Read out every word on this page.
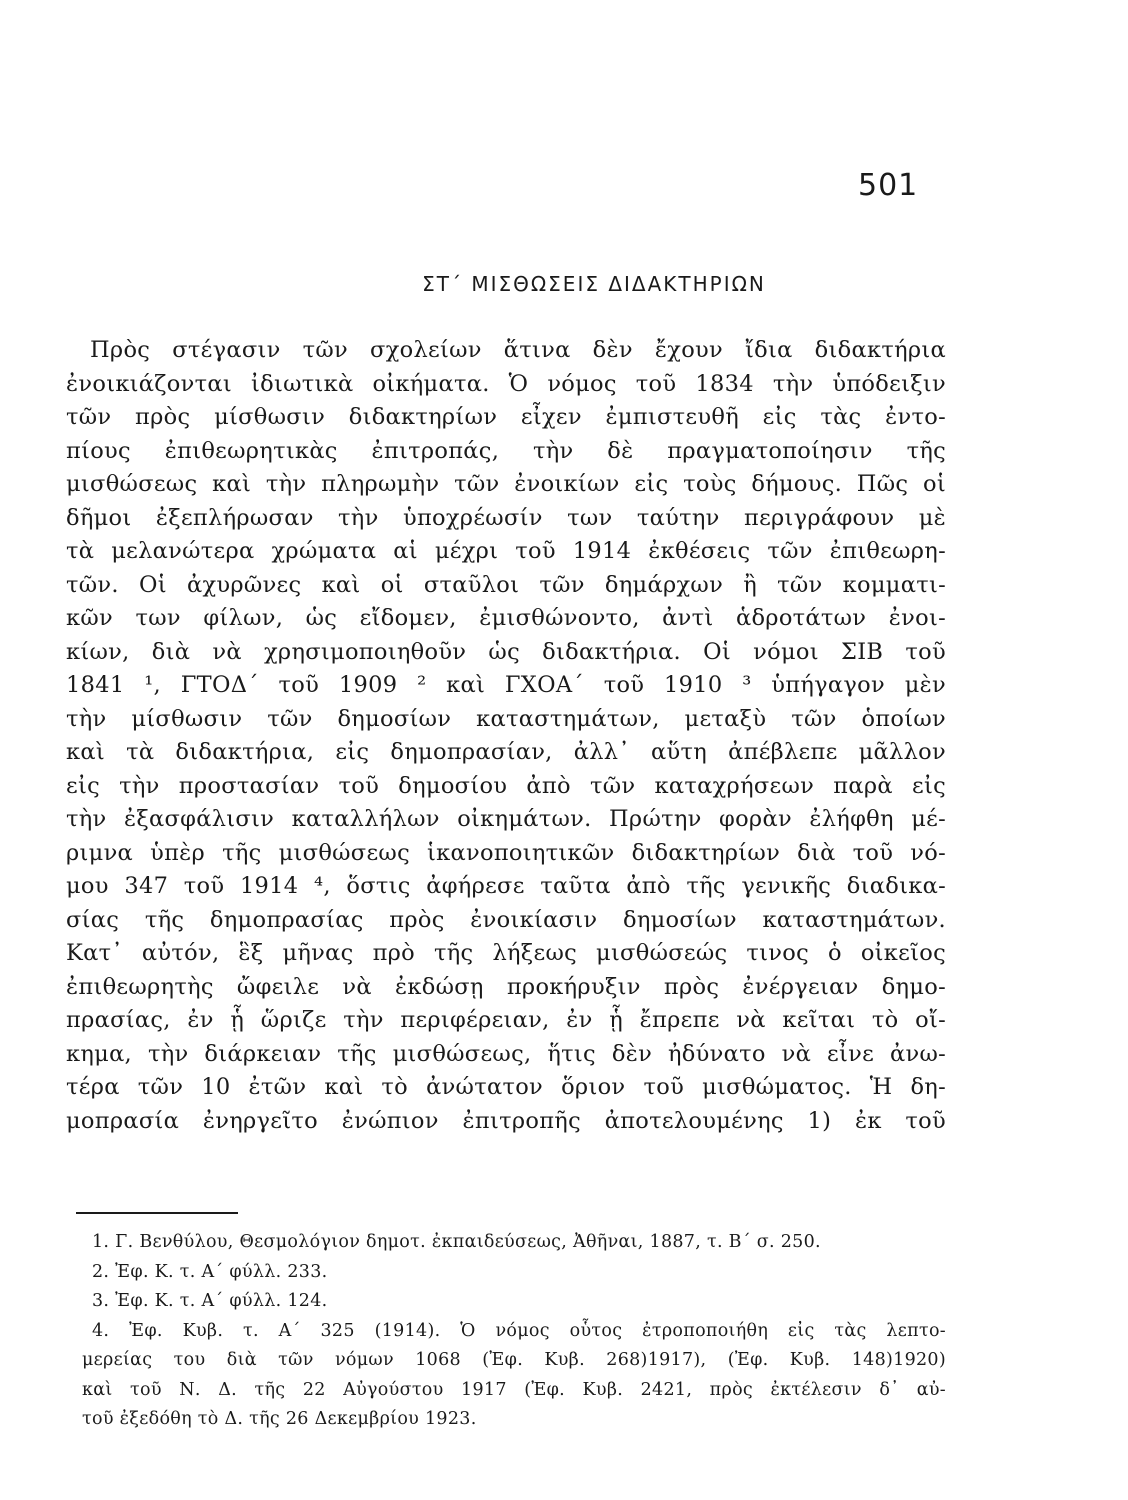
501
ΣΤ΄ ΜΙΣΘΩΣΕΙΣ ΔΙΔΑΚΤΗΡΙΩΝ
Πρὸς στέγασιν τῶν σχολείων ἅτινα δὲν ἔχουν ἴδια διδακτήρια
ἐνοικιάζονται ἰδιωτικὰ οἰκήματα. Ὁ νόμος τοῦ 1834 τὴν ὑπόδειξιν
τῶν πρὸς μίσθωσιν διδακτηρίων εἶχεν ἐμπιστευθῆ εἰς τὰς ἐντο-
πίους ἐπιθεωρητικὰς ἐπιτροπάς, τὴν δὲ πραγματοποίησιν τῆς
μισθώσεως καὶ τὴν πληρωμὴν τῶν ἐνοικίων εἰς τοὺς δήμους. Πῶς οἱ
δῆμοι ἐξεπλήρωσαν τὴν ὑποχρέωσίν των ταύτην περιγράφουν μὲ
τὰ μελανώτερα χρώματα αἱ μέχρι τοῦ 1914 ἐκθέσεις τῶν ἐπιθεωρη-
τῶν. Οἱ ἀχυρῶνες καὶ οἱ σταῦλοι τῶν δημάρχων ἢ τῶν κομματι-
κῶν των φίλων, ὡς εἴδομεν, ἐμισθώνοντο, ἀντὶ ἁδροτάτων ἐνοι-
κίων, διὰ νὰ χρησιμοποιηθοῦν ὡς διδακτήρια. Οἱ νόμοι ΣΙΒ τοῦ
1841 ¹, ΓΤΟΔ΄ τοῦ 1909 ² καὶ ΓΧΟΑ΄ τοῦ 1910 ³ ὑπήγαγον μὲν
τὴν μίσθωσιν τῶν δημοσίων καταστημάτων, μεταξὺ τῶν ὁποίων
καὶ τὰ διδακτήρια, εἰς δημοπρασίαν, ἀλλ᾽ αὕτη ἀπέβλεπε μᾶλλον
εἰς τὴν προστασίαν τοῦ δημοσίου ἀπὸ τῶν καταχρήσεων παρὰ εἰς
τὴν ἐξασφάλισιν καταλλήλων οἰκημάτων. Πρώτην φορὰν ἐλήφθη μέ-
ριμνα ὑπὲρ τῆς μισθώσεως ἱκανοποιητικῶν διδακτηρίων διὰ τοῦ νό-
μου 347 τοῦ 1914 ⁴, ὅστις ἀφήρεσε ταῦτα ἀπὸ τῆς γενικῆς διαδικα-
σίας τῆς δημοπρασίας πρὸς ἐνοικίασιν δημοσίων καταστημάτων.
Κατ᾽ αὐτόν, ἓξ μῆνας πρὸ τῆς λήξεως μισθώσεώς τινος ὁ οἰκεῖος
ἐπιθεωρητὴς ὤφειλε νὰ ἐκδώσῃ προκήρυξιν πρὸς ἐνέργειαν δημο-
πρασίας, ἐν ᾗ ὥριζε τὴν περιφέρειαν, ἐν ᾗ ἔπρεπε νὰ κεῖται τὸ οἴ-
κημα, τὴν διάρκειαν τῆς μισθώσεως, ἥτις δὲν ἠδύνατο νὰ εἶνε ἀνω-
τέρα τῶν 10 ἐτῶν καὶ τὸ ἀνώτατον ὅριον τοῦ μισθώματος. Ἡ δη-
μοπρασία ἐνηργεῖτο ἐνώπιον ἐπιτροπῆς ἀποτελουμένης 1) ἐκ τοῦ
1. Γ. Βενθύλου, Θεσμολόγιον δημοτ. ἐκπαιδεύσεως, Ἀθῆναι, 1887, τ. Β΄ σ. 250.
2. Ἐφ. Κ. τ. Α΄ φύλλ. 233.
3. Ἐφ. Κ. τ. Α΄ φύλλ. 124.
4. Ἐφ. Κυβ. τ. Α΄ 325 (1914). Ὁ νόμος οὗτος ἐτροποποιήθη εἰς τὰς λεπτο-
μερείας του διὰ τῶν νόμων 1068 (Ἐφ. Κυβ. 268)1917), (Ἐφ. Κυβ. 148)1920)
καὶ τοῦ Ν. Δ. τῆς 22 Αὐγούστου 1917 (Ἐφ. Κυβ. 2421, πρὸς ἐκτέλεσιν δ᾽ αὐ-
τοῦ ἐξεδόθη τὸ Δ. τῆς 26 Δεκεμβρίου 1923.
